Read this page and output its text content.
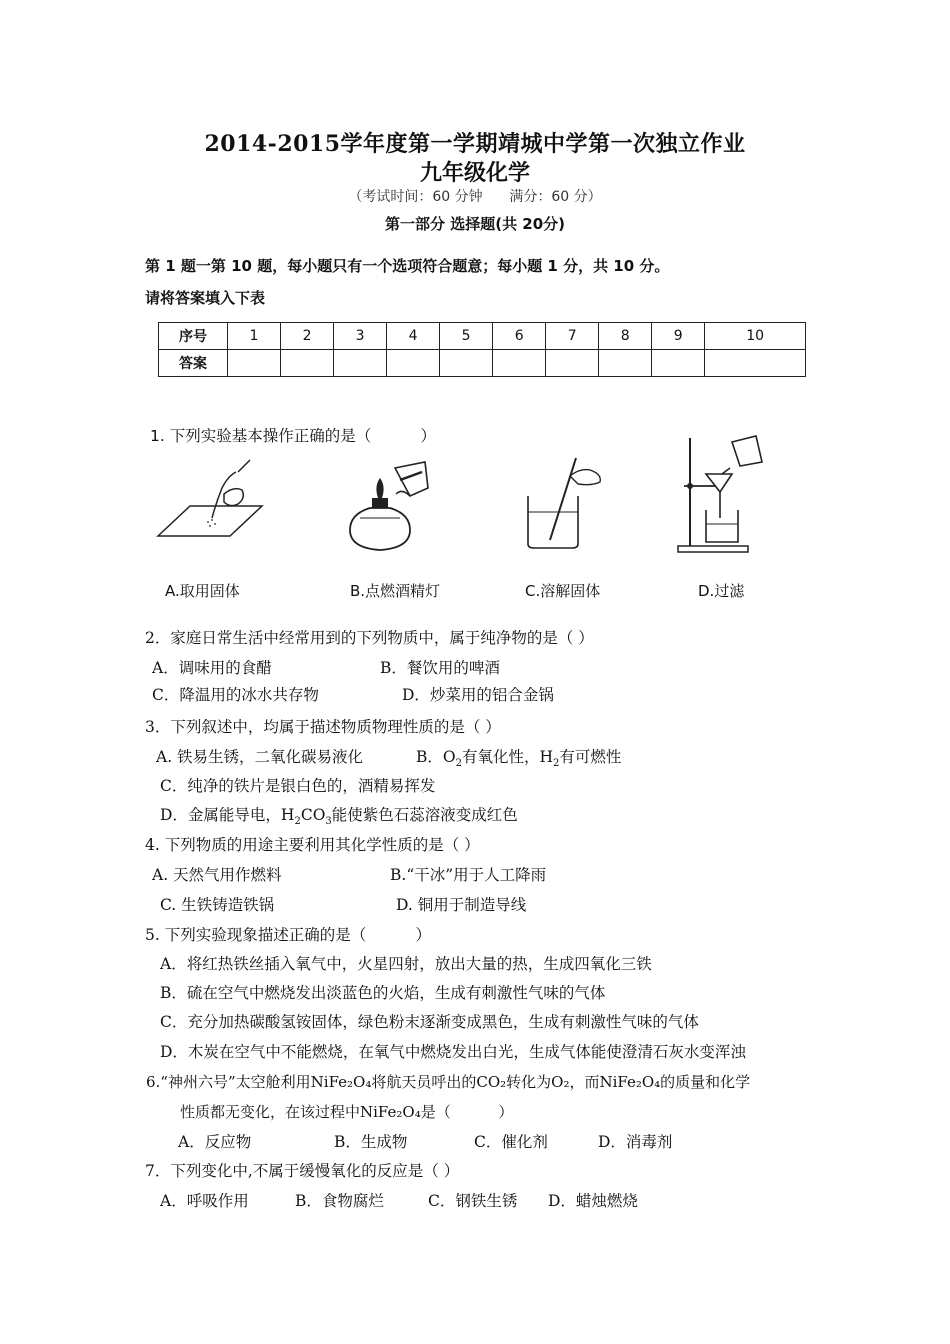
2014-2015学年度第一学期靖城中学第一次独立作业
九年级化学
（考试时间：60 分钟      满分：60 分）
第一部分 选择题(共 20分)
第 1 题一第 10 题，每小题只有一个选项符合题意；每小题 1 分，共 10 分。
请将答案填入下表
序号	1	2	3	4	5	6	7	8	9	10
答案										
1. 下列实验基本操作正确的是（          ）
A.取用固体	B.点燃酒精灯	C.溶解固体	D.过滤
2．家庭日常生活中经常用到的下列物质中，属于纯净物的是（ ）
A．调味用的食醋	B．餐饮用的啤酒
C．降温用的冰水共存物	D．炒菜用的铝合金锅
3．下列叙述中，均属于描述物质物理性质的是（ ）
A. 铁易生锈，二氧化碳易液化	B．$O_2$有氧化性，$H_2$有可燃性
C．纯净的铁片是银白色的，酒精易挥发
D．金属能导电，$H_2CO_3$能使紫色石蕊溶液变成红色
4. 下列物质的用途主要利用其化学性质的是（ ）
A. 天然气用作燃料	B.“干冰”用于人工降雨
C. 生铁铸造铁锅	D. 铜用于制造导线
5. 下列实验现象描述正确的是（          ）
A．将红热铁丝插入氧气中，火星四射，放出大量的热，生成四氧化三铁
B．硫在空气中燃烧发出淡蓝色的火焰，生成有刺激性气味的气体
C．充分加热碳酸氢铵固体，绿色粉末逐渐变成黑色，生成有刺激性气味的气体
D．木炭在空气中不能燃烧，在氧气中燃烧发出白光，生成气体能使澄清石灰水变浑浊
6.“神州六号”太空舱利用NiFe₂O₄将航天员呼出的CO₂转化为O₂，而NiFe₂O₄的质量和化学
性质都无变化，在该过程中NiFe₂O₄是（          ）
A．反应物	B．生成物	C．催化剂	D．消毒剂
7．下列变化中,不属于缓慢氧化的反应是（ ）
A．呼吸作用	B．食物腐烂	C．钢铁生锈 D．蜡烛燃烧
